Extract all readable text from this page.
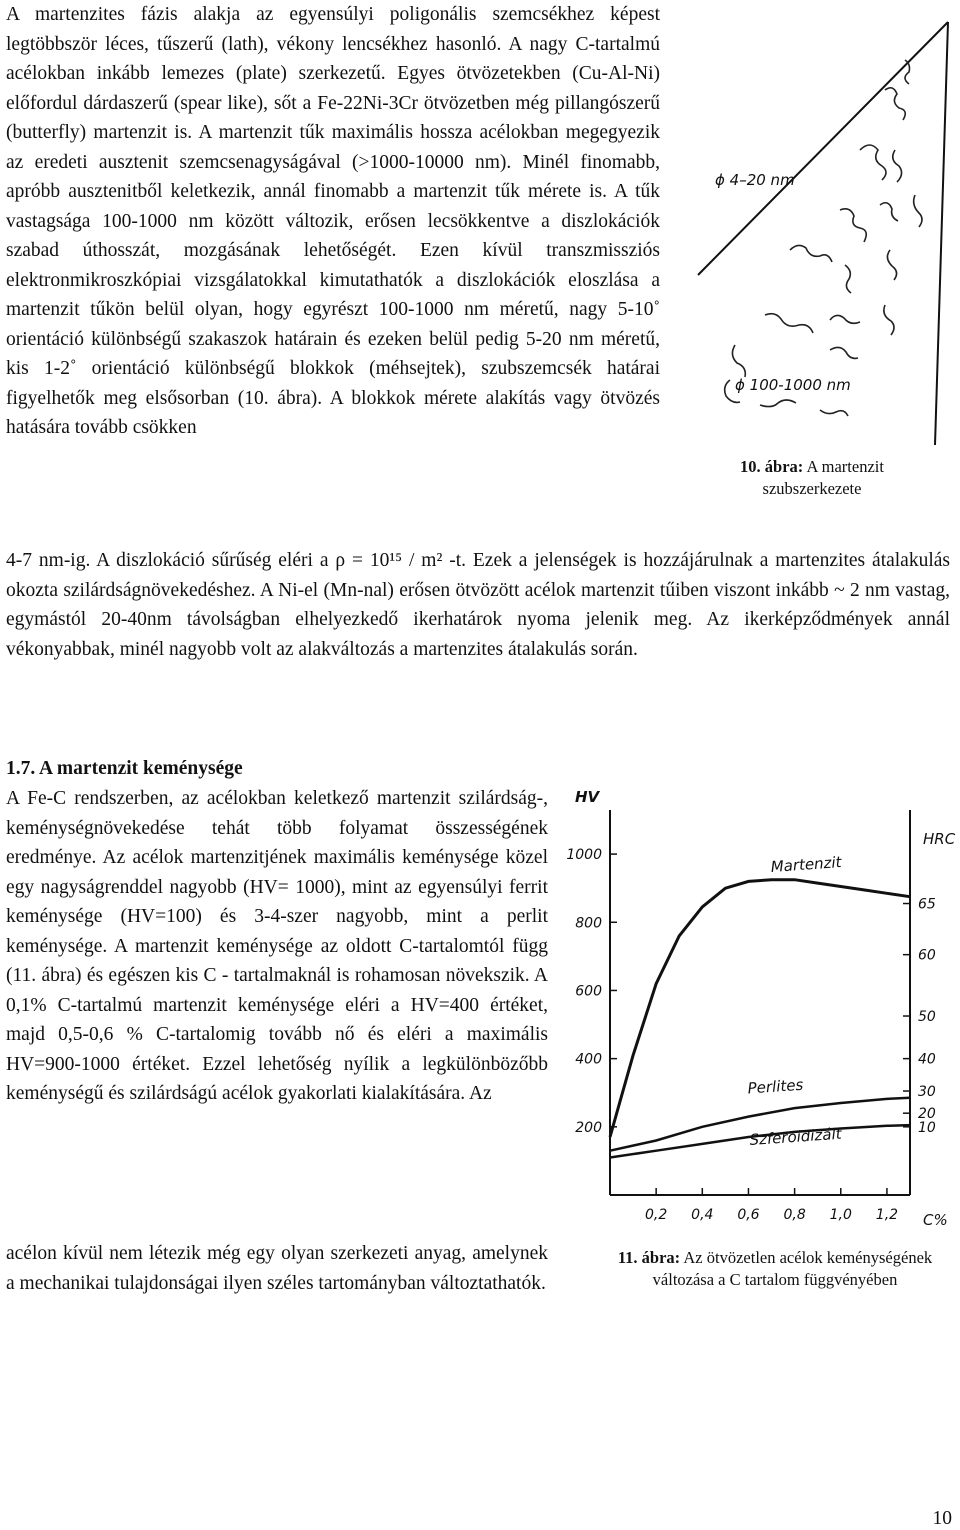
A martenzites fázis alakja az egyensúlyi poligonális szemcsékhez képest legtöbbször léces, tűszerű (lath), vékony lencsékhez hasonló. A nagy C-tartalmú acélokban inkább lemezes (plate) szerkezetű. Egyes ötvözetekben (Cu-Al-Ni) előfordul dárdaszerű (spear like), sőt a Fe-22Ni-3Cr ötvözetben még pillangószerű (butterfly) martenzit is. A martenzit tűk maximális hossza acélokban megegyezik az eredeti ausztenit szemcsenagyságával (>1000-10000 nm). Minél finomabb, apróbb ausztenitből keletkezik, annál finomabb a martenzit tűk mérete is. A tűk vastagsága 100-1000 nm között változik, erősen lecsökkentve a diszlokációk szabad úthosszát, mozgásának lehetőségét. Ezen kívül transzmissziós elektronmikroszkópiai vizsgálatokkal kimutathatók a diszlokációk eloszlása a martenzit tűkön belül olyan, hogy egyrészt 100-1000 nm méretű, nagy 5-10˚ orientáció különbségű szakaszok határain és ezeken belül pedig 5-20 nm méretű, kis 1-2˚ orientáció különbségű blokkok (méhsejtek), szubszemcsék határai figyelhetők meg elsősorban (10. ábra). A blokkok mérete alakítás vagy ötvözés hatására tovább csökken

ϕ 4–20 nm
ϕ 100-1000 nm
10. ábra: A martenzit szubszerkezete

4-7 nm-ig. A diszlokáció sűrűség eléri a ρ = 10¹⁵ / m² -t. Ezek a jelenségek is hozzájárulnak a martenzites átalakulás okozta szilárdságnövekedéshez. A Ni-el (Mn-nal) erősen ötvözött acélok martenzit tűiben viszont inkább ~ 2 nm vastag, egymástól 20-40nm távolságban elhelyezkedő ikerhatárok nyoma jelenik meg. Az ikerképződmények annál vékonyabbak, minél nagyobb volt az alakváltozás a martenzites átalakulás során.

1.7. A martenzit keménysége

A Fe-C rendszerben, az acélokban keletkező martenzit szilárdság-, keménységnövekedése tehát több folyamat összességének eredménye. Az acélok martenzitjének maximális keménysége közel egy nagyságrenddel nagyobb (HV= 1000), mint az egyensúlyi ferrit keménysége (HV=100) és 3-4-szer nagyobb, mint a perlit keménysége. A martenzit keménysége az oldott C-tartalomtól függ (11. ábra) és egészen kis C - tartalmaknál is rohamosan növekszik. A 0,1% C-tartalmú martenzit keménysége eléri a HV=400 értéket, majd 0,5-0,6 % C-tartalomig tovább nő és eléri a maximális HV=900-1000 értéket. Ezzel lehetőség nyílik a legkülönbözőbb keménységű és szilárdságú acélok gyakorlati kialakítására. Az

acélon kívül nem létezik még egy olyan szerkezeti anyag, amelynek a mechanikai tulajdonságai ilyen széles tartományban változtathatók.

HV
HRC
C%
1000
800
600
400
200
65
60
50
40
30
20
10
0,2 0,4 0,6 0,8 1,0 1,2
Martenzit
Perlites
Szferoidizált
11. ábra: Az ötvözetlen acélok keménységének változása a C tartalom függvényében
10
